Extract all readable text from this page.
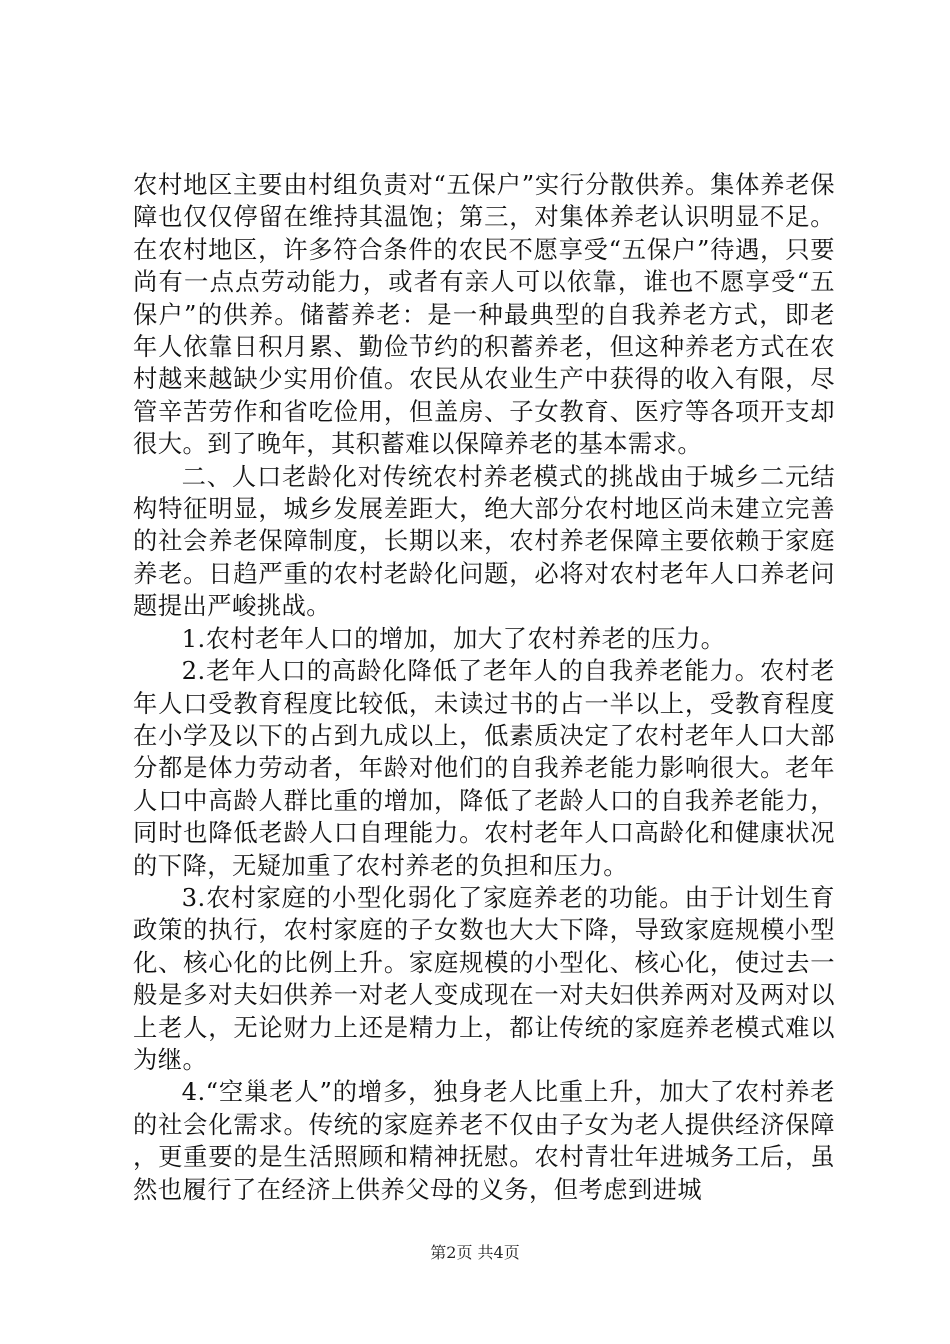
农村地区主要由村组负责对“五保户”实行分散供养。集体养老保障也仅仅停留在维持其温饱；第三，对集体养老认识明显不足。在农村地区，许多符合条件的农民不愿享受“五保户”待遇，只要尚有一点点劳动能力，或者有亲人可以依靠，谁也不愿享受“五保户”的供养。储蓄养老：是一种最典型的自我养老方式，即老年人依靠日积月累、勤俭节约的积蓄养老，但这种养老方式在农村越来越缺少实用价值。农民从农业生产中获得的收入有限，尽管辛苦劳作和省吃俭用，但盖房、子女教育、医疗等各项开支却很大。到了晚年，其积蓄难以保障养老的基本需求。

二、人口老龄化对传统农村养老模式的挑战由于城乡二元结构特征明显，城乡发展差距大，绝大部分农村地区尚未建立完善的社会养老保障制度，长期以来，农村养老保障主要依赖于家庭养老。日趋严重的农村老龄化问题，必将对农村老年人口养老问题提出严峻挑战。

1.农村老年人口的增加，加大了农村养老的压力。

2.老年人口的高龄化降低了老年人的自我养老能力。农村老年人口受教育程度比较低，未读过书的占一半以上，受教育程度在小学及以下的占到九成以上，低素质决定了农村老年人口大部分都是体力劳动者，年龄对他们的自我养老能力影响很大。老年人口中高龄人群比重的增加，降低了老龄人口的自我养老能力，同时也降低老龄人口自理能力。农村老年人口高龄化和健康状况的下降，无疑加重了农村养老的负担和压力。

3.农村家庭的小型化弱化了家庭养老的功能。由于计划生育政策的执行，农村家庭的子女数也大大下降，导致家庭规模小型化、核心化的比例上升。家庭规模的小型化、核心化，使过去一般是多对夫妇供养一对老人变成现在一对夫妇供养两对及两对以上老人，无论财力上还是精力上，都让传统的家庭养老模式难以为继。

4.“空巢老人”的增多，独身老人比重上升，加大了农村养老的社会化需求。传统的家庭养老不仅由子女为老人提供经济保障，更重要的是生活照顾和精神抚慰。农村青壮年进城务工后，虽然也履行了在经济上供养父母的义务，但考虑到进城

第2页 共4页
